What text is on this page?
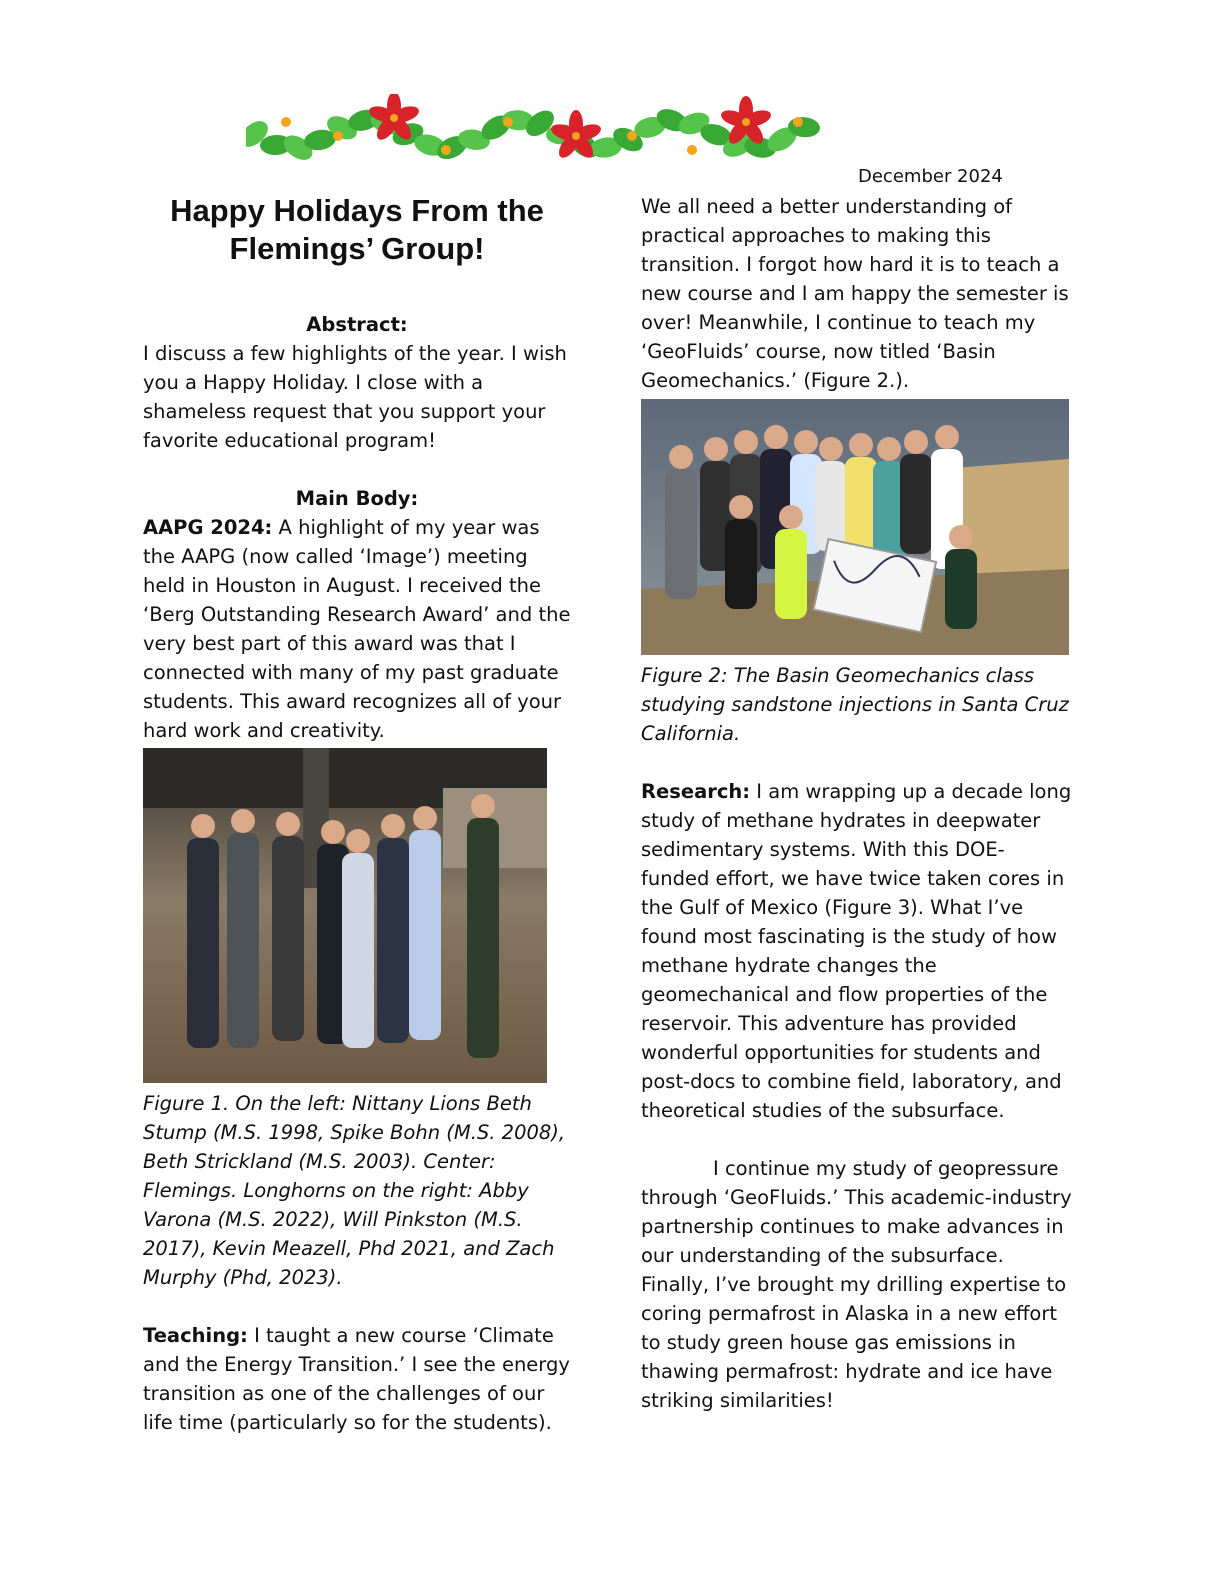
December 2024
Happy Holidays From the Flemings’ Group!
Abstract:

I discuss a few highlights of the year. I wish you a Happy Holiday. I close with a shameless request that you support your favorite educational program!

Main Body:

AAPG 2024: A highlight of my year was the AAPG (now called ‘Image’) meeting held in Houston in August. I received the ‘Berg Outstanding Research Award’ and the very best part of this award was that I connected with many of my past graduate students. This award recognizes all of your hard work and creativity.

Figure 1. On the left: Nittany Lions Beth Stump (M.S. 1998, Spike Bohn (M.S. 2008), Beth Strickland (M.S. 2003). Center: Flemings. Longhorns on the right: Abby Varona (M.S. 2022), Will Pinkston (M.S. 2017), Kevin Meazell, Phd 2021, and Zach Murphy (Phd, 2023).

Teaching: I taught a new course ‘Climate and the Energy Transition.’ I see the energy transition as one of the challenges of our life time (particularly so for the students).

We all need a better understanding of practical approaches to making this transition. I forgot how hard it is to teach a new course and I am happy the semester is over! Meanwhile, I continue to teach my ‘GeoFluids’ course, now titled ‘Basin Geomechanics.’ (Figure 2.).

Figure 2: The Basin Geomechanics class studying sandstone injections in Santa Cruz California.

Research: I am wrapping up a decade long study of methane hydrates in deepwater sedimentary systems. With this DOE-funded effort, we have twice taken cores in the Gulf of Mexico (Figure 3). What I’ve found most fascinating is the study of how methane hydrate changes the geomechanical and flow properties of the reservoir. This adventure has provided wonderful opportunities for students and post-docs to combine field, laboratory, and theoretical studies of the subsurface.

I continue my study of geopressure through ‘GeoFluids.’ This academic-industry partnership continues to make advances in our understanding of the subsurface. Finally, I’ve brought my drilling expertise to coring permafrost in Alaska in a new effort to study green house gas emissions in thawing permafrost: hydrate and ice have striking similarities!
